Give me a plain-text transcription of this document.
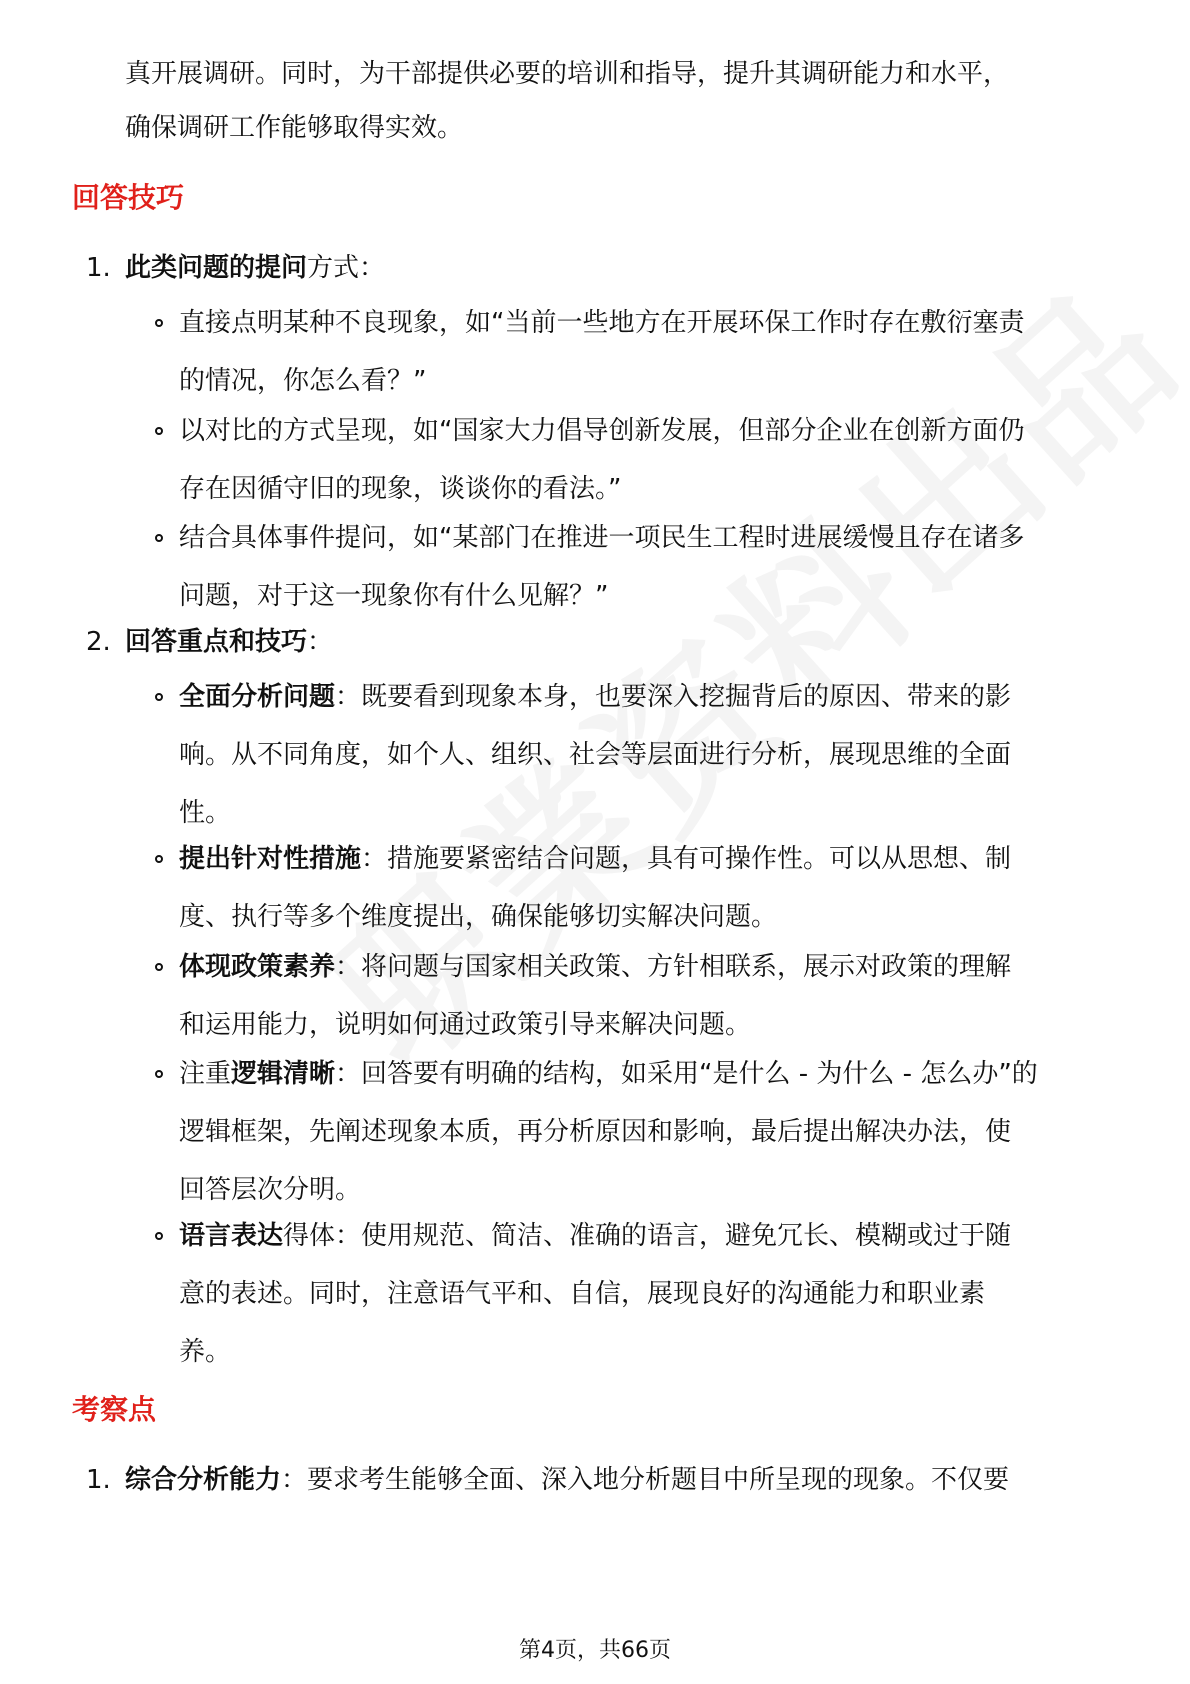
真开展调研。同时，为干部提供必要的培训和指导，提升其调研能力和水平，

确保调研工作能够取得实效。

回答技巧
1. 此类问题的提问方式：
直接点明某种不良现象，如“当前一些地方在开展环保工作时存在敷衍塞责
的情况，你怎么看？”
以对比的方式呈现，如“国家大力倡导创新发展，但部分企业在创新方面仍
存在因循守旧的现象，谈谈你的看法。”
结合具体事件提问，如“某部门在推进一项民生工程时进展缓慢且存在诸多
问题，对于这一现象你有什么见解？”
2. 回答重点和技巧：
全面分析问题：既要看到现象本身，也要深入挖掘背后的原因、带来的影
响。从不同角度，如个人、组织、社会等层面进行分析，展现思维的全面
性。
提出针对性措施：措施要紧密结合问题，具有可操作性。可以从思想、制
度、执行等多个维度提出，确保能够切实解决问题。
体现政策素养：将问题与国家相关政策、方针相联系，展示对政策的理解
和运用能力，说明如何通过政策引导来解决问题。
注重逻辑清晰：回答要有明确的结构，如采用“是什么 - 为什么 - 怎么办”的
逻辑框架，先阐述现象本质，再分析原因和影响，最后提出解决办法，使
回答层次分明。
语言表达得体：使用规范、简洁、准确的语言，避免冗长、模糊或过于随
意的表述。同时，注意语气平和、自信，展现良好的沟通能力和职业素
养。
考察点
1. 综合分析能力：要求考生能够全面、深入地分析题目中所呈现的现象。不仅要
第4页，共66页
